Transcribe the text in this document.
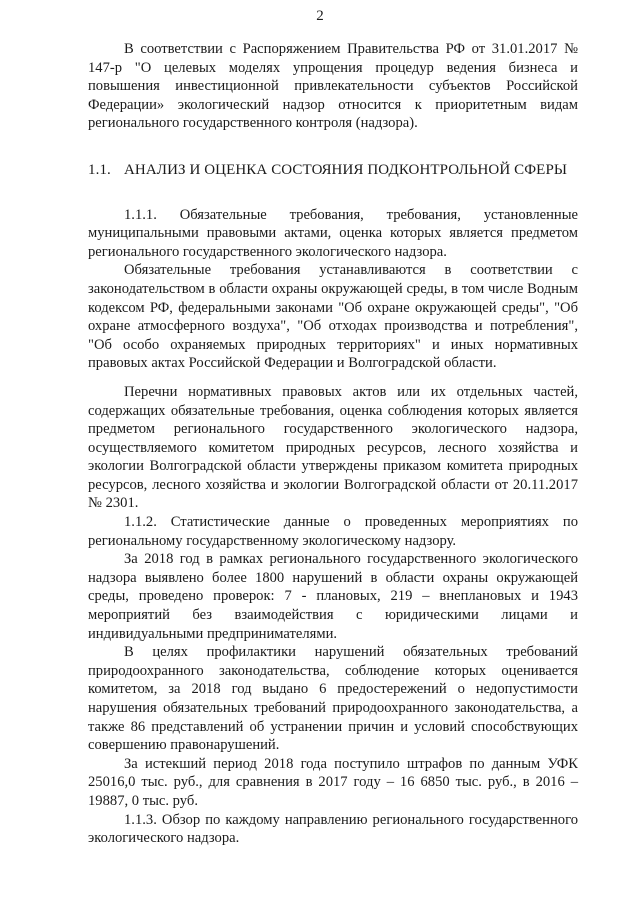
2

В соответствии с Распоряжением Правительства РФ от 31.01.2017 № 147-р "О целевых моделях упрощения процедур ведения бизнеса и повышения инвестиционной привлекательности субъектов Российской Федерации» экологический надзор относится к приоритетным видам регионального государственного контроля (надзора).

1.1. АНАЛИЗ И ОЦЕНКА СОСТОЯНИЯ ПОДКОНТРОЛЬНОЙ СФЕРЫ

1.1.1. Обязательные требования, требования, установленные муниципальными правовыми актами, оценка которых является предметом регионального государственного экологического надзора.

Обязательные требования устанавливаются в соответствии с законодательством в области охраны окружающей среды, в том числе Водным кодексом РФ, федеральными законами "Об охране окружающей среды", "Об охране атмосферного воздуха", "Об отходах производства и потребления", "Об особо охраняемых природных территориях" и иных нормативных правовых актах Российской Федерации и Волгоградской области.

Перечни нормативных правовых актов или их отдельных частей, содержащих обязательные требования, оценка соблюдения которых является предметом регионального государственного экологического надзора, осуществляемого комитетом природных ресурсов, лесного хозяйства и экологии Волгоградской области утверждены приказом комитета природных ресурсов, лесного хозяйства и экологии Волгоградской области от 20.11.2017 № 2301.

1.1.2. Статистические данные о проведенных мероприятиях по региональному государственному экологическому надзору.

За 2018 год в рамках регионального государственного экологического надзора выявлено более 1800 нарушений в области охраны окружающей среды, проведено проверок: 7 - плановых, 219 – внеплановых и 1943 мероприятий без взаимодействия с юридическими лицами и индивидуальными предпринимателями.

В целях профилактики нарушений обязательных требований природоохранного законодательства, соблюдение которых оценивается комитетом, за 2018 год выдано 6 предостережений о недопустимости нарушения обязательных требований природоохранного законодательства, а также 86 представлений об устранении причин и условий способствующих совершению правонарушений.

За истекший период 2018 года поступило штрафов по данным УФК 25016,0 тыс. руб., для сравнения в 2017 году – 16 6850 тыс. руб., в 2016 – 19887, 0 тыс. руб.

1.1.3. Обзор по каждому направлению регионального государственного экологического надзора.
